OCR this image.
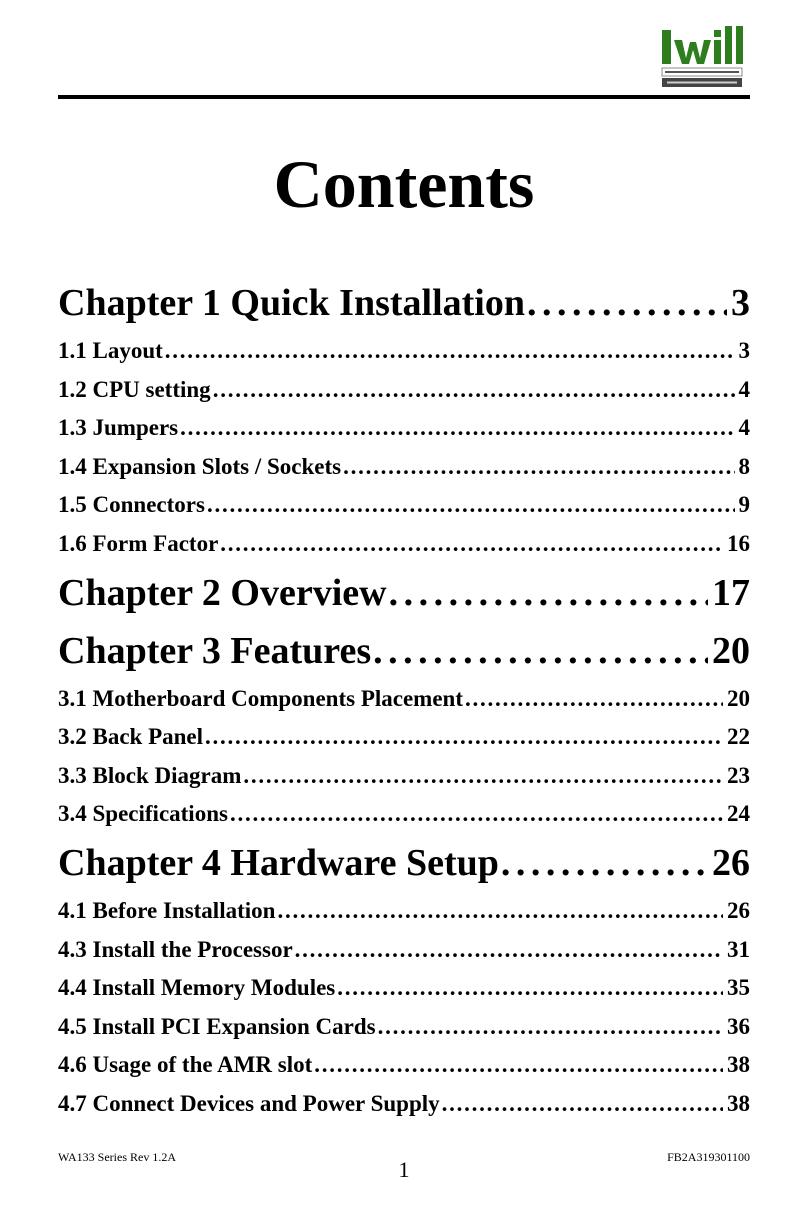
Contents
Chapter 1 Quick Installation . . .	3
1.1 Layout . . .	3
1.2 CPU setting . . .	4
1.3 Jumpers . . .	4
1.4 Expansion Slots / Sockets . . .	8
1.5 Connectors . . .	9
1.6 Form Factor . . .	16
Chapter 2 Overview . . .	17
Chapter 3 Features . . .	20
3.1 Motherboard Components Placement . . .	20
3.2 Back Panel . . .	22
3.3 Block Diagram . . .	23
3.4 Specifications . . .	24
Chapter 4 Hardware Setup . . .	26
4.1 Before Installation . . .	26
4.3 Install the Processor . . .	31
4.4 Install Memory Modules . . .	35
4.5 Install PCI Expansion Cards . . .	36
4.6 Usage of the AMR slot . . .	38
4.7 Connect Devices and Power Supply . . .	38
WA133 Series Rev 1.2A	1	FB2A319301100
